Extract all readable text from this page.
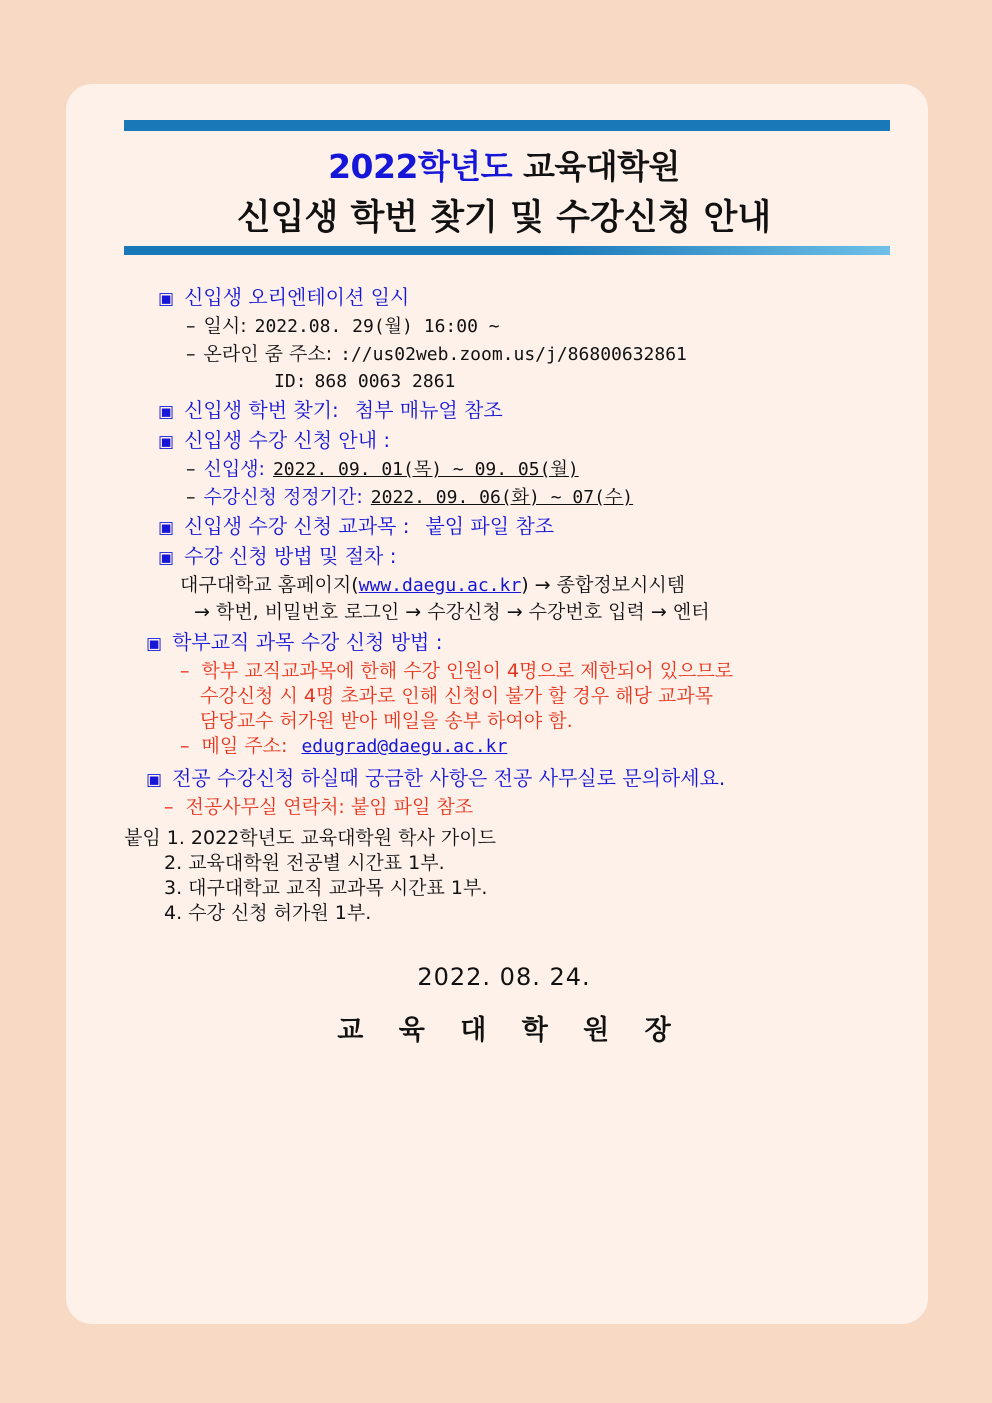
2022학년도 교육대학원
신입생 학번 찾기 및 수강신청 안내
▣ 신입생 오리엔테이션 일시
– 일시: 2022.08. 29(월) 16:00 ~
– 온라인 줌 주소: ://us02web.zoom.us/j/86800632861
ID: 868 0063 2861
▣ 신입생 학번 찾기: 첨부 매뉴얼 참조
▣ 신입생 수강 신청 안내 :
– 신입생: 2022. 09. 01(목) ~ 09. 05(월)
– 수강신청 정정기간: 2022. 09. 06(화) ~ 07(수)
▣ 신입생 수강 신청 교과목 : 붙임 파일 참조
▣ 수강 신청 방법 및 절차 :
대구대학교 홈페이지(www.daegu.ac.kr) → 종합정보시시템
→ 학번, 비밀번호 로그인 → 수강신청 → 수강번호 입력 → 엔터
▣ 학부교직 과목 수강 신청 방법 :
– 학부 교직교과목에 한해 수강 인원이 4명으로 제한되어 있으므로
수강신청 시 4명 초과로 인해 신청이 불가 할 경우 해당 교과목
담당교수 허가원 받아 메일을 송부 하여야 함.
– 메일 주소: edugrad@daegu.ac.kr
▣ 전공 수강신청 하실때 궁금한 사항은 전공 사무실로 문의하세요.
– 전공사무실 연락처: 붙임 파일 참조
붙임 1. 2022학년도 교육대학원 학사 가이드
2. 교육대학원 전공별 시간표 1부.
3. 대구대학교 교직 교과목 시간표 1부.
4. 수강 신청 허가원 1부.
2022. 08. 24.
교 육 대 학 원 장
